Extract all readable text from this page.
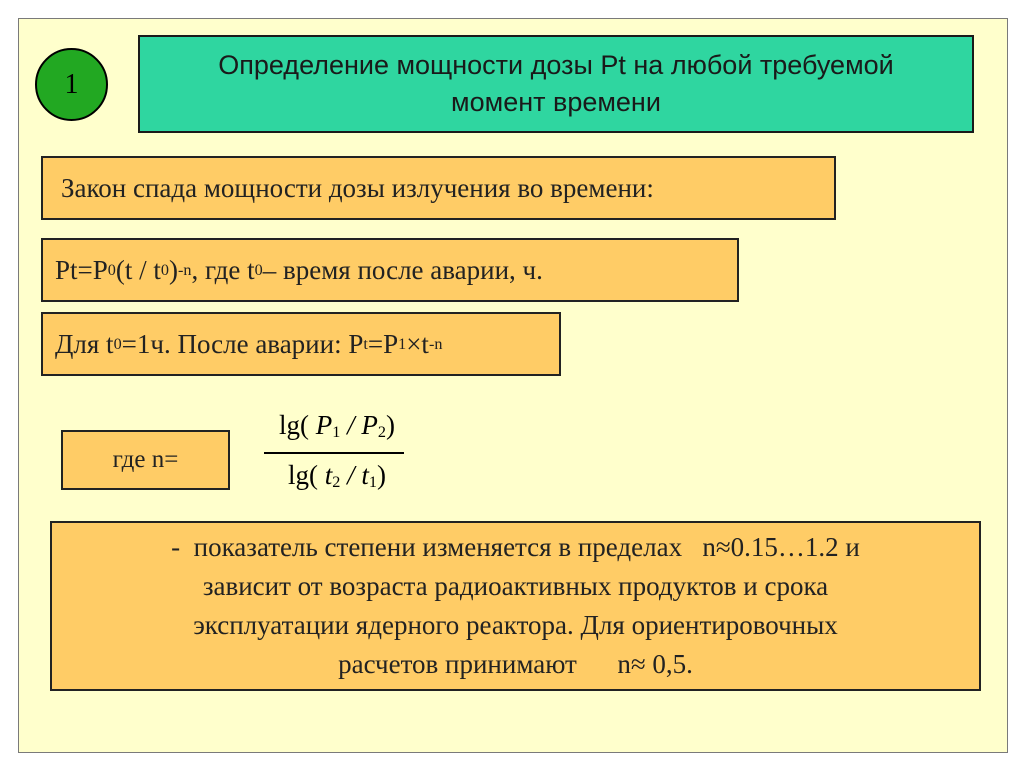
1
Определение мощности дозы Pt на любой требуемой
момент времени
Закон спада мощности дозы излучения во времени:
Pt=P 0 (t / t 0 ) -n , где t 0 – время после аварии, ч.
Для t 0 =1ч. После аварии: P t =P 1 ×t -n
где n=
lg( P1 / P2)
lg( t2 / t1)
-  показатель степени изменяется в пределах   n≈0.15…1.2 и
зависит от возраста радиоактивных продуктов и срока
эксплуатации ядерного реактора. Для ориентировочных
расчетов принимают      n≈ 0,5.
